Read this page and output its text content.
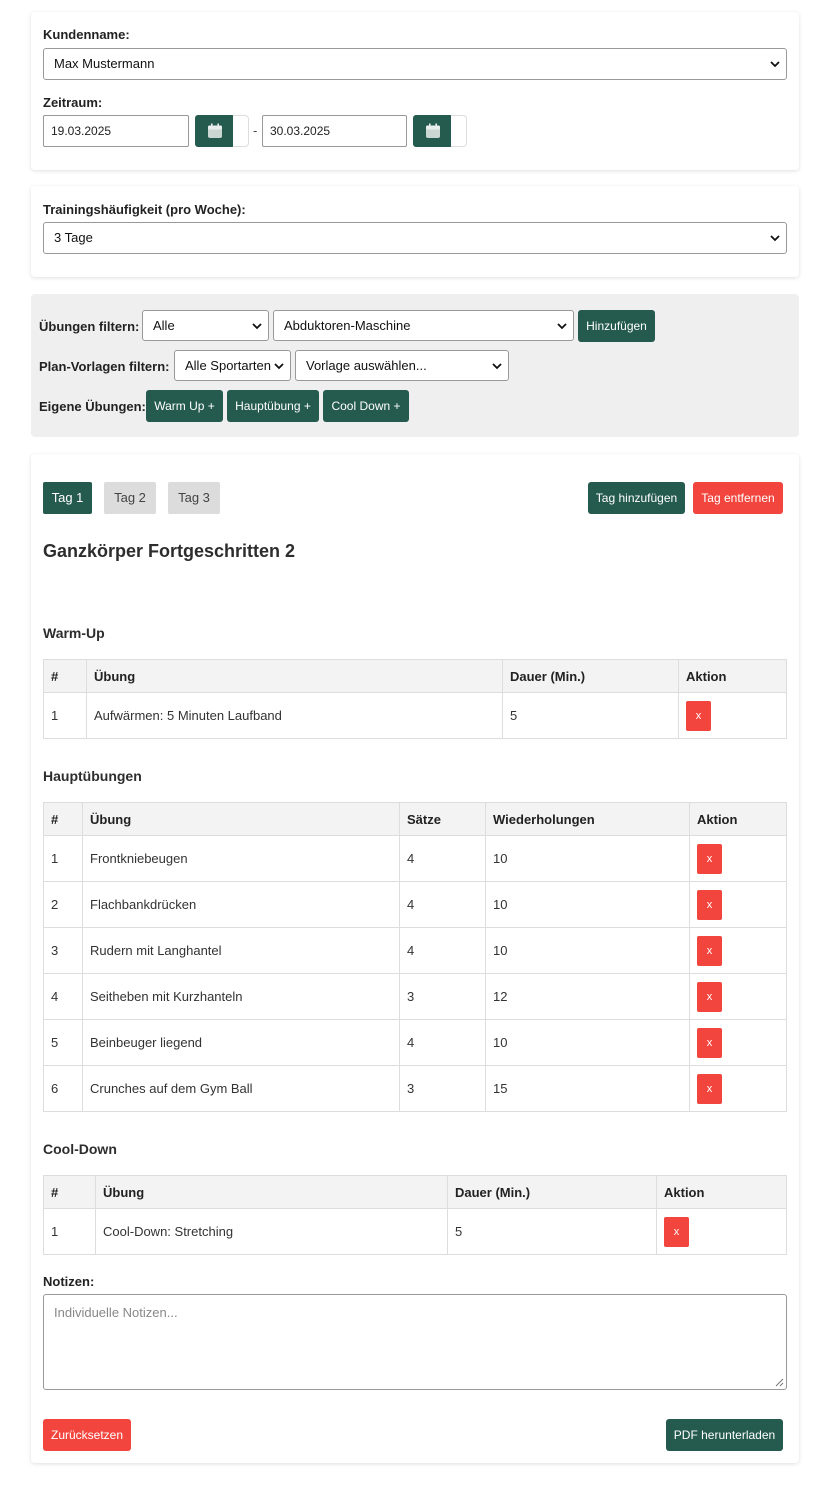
Kundenname:
Max Mustermann
Zeitraum:
19.03.2025	-	30.03.2025
Trainingshäufigkeit (pro Woche):
3 Tage
Übungen filtern:	Alle	Abduktoren-Maschine	Hinzufügen
Plan-Vorlagen filtern:	Alle Sportarten	Vorlage auswählen...
Eigene Übungen: Warm Up +	Hauptübung +	Cool Down +
Tag 1	Tag 2	Tag 3	Tag hinzufügen	Tag entfernen
Ganzkörper Fortgeschritten 2
Warm-Up
#	Übung	Dauer (Min.)	Aktion
1	Aufwärmen: 5 Minuten Laufband	5	x
Hauptübungen
#	Übung	Sätze	Wiederholungen	Aktion
1	Frontkniebeugen	4	10	x
2	Flachbankdrücken	4	10	x
3	Rudern mit Langhantel	4	10	x
4	Seitheben mit Kurzhanteln	3	12	x
5	Beinbeuger liegend	4	10	x
6	Crunches auf dem Gym Ball	3	15	x
Cool-Down
#	Übung	Dauer (Min.)	Aktion
1	Cool-Down: Stretching	5	x
Notizen:
Individuelle Notizen...
Zurücksetzen	PDF herunterladen
